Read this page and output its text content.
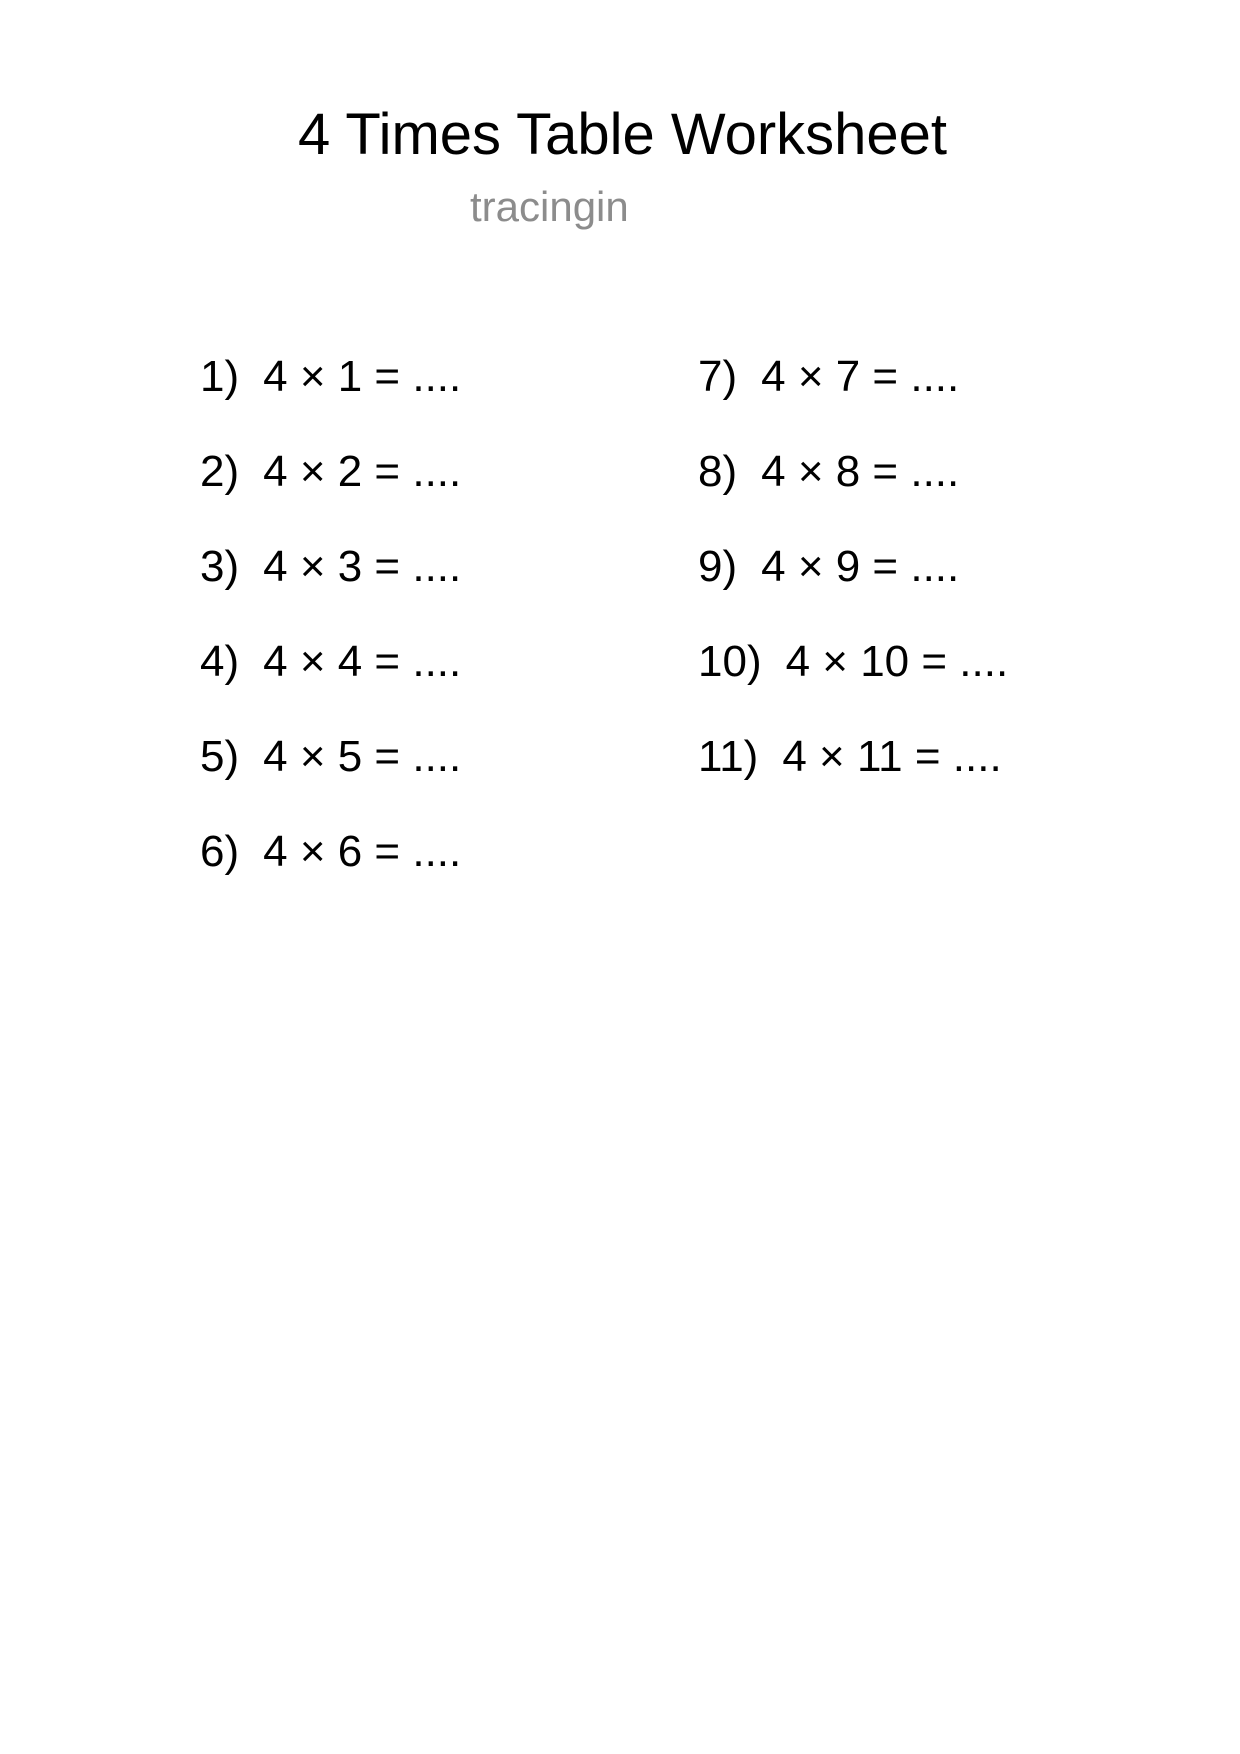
4 Times Table Worksheet
tracingin
1) 4 × 1 = ....
2) 4 × 2 = ....
3) 4 × 3 = ....
4) 4 × 4 = ....
5) 4 × 5 = ....
6) 4 × 6 = ....
7) 4 × 7 = ....
8) 4 × 8 = ....
9) 4 × 9 = ....
10) 4 × 10 = ....
11) 4 × 11 = ....
